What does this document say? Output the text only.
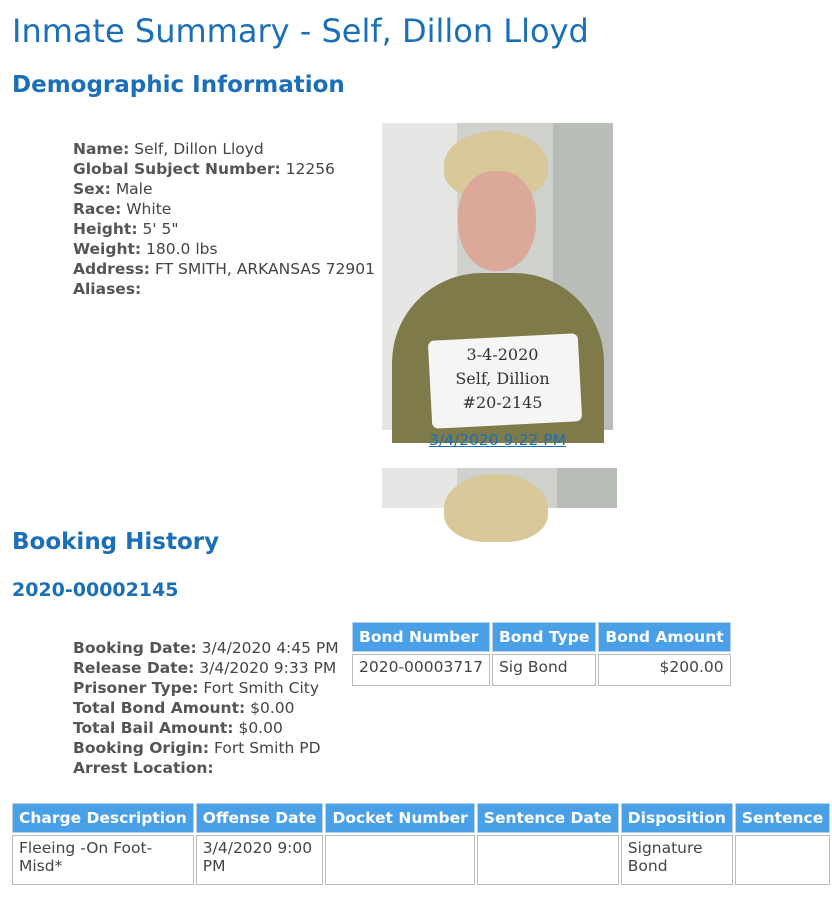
Inmate Summary - Self, Dillon Lloyd
Demographic Information
Name: Self, Dillon Lloyd
Global Subject Number: 12256
Sex: Male
Race: White
Height: 5' 5"
Weight: 180.0 lbs
Address: FT SMITH, ARKANSAS 72901
Aliases:
3-4-2020
Self, Dillion
#20-2145
3/4/2020 9:22 PM
Booking History
2020-00002145
Booking Date: 3/4/2020 4:45 PM
Release Date: 3/4/2020 9:33 PM
Prisoner Type: Fort Smith City
Total Bond Amount: $0.00
Total Bail Amount: $0.00
Booking Origin: Fort Smith PD
Arrest Location:
Bond Number	Bond Type	Bond Amount
2020-00003717	Sig Bond	$200.00
Charge Description	Offense Date	Docket Number	Sentence Date	Disposition	Sentence
Fleeing -On Foot-Misd*	3/4/2020 9:00 PM			Signature Bond	
